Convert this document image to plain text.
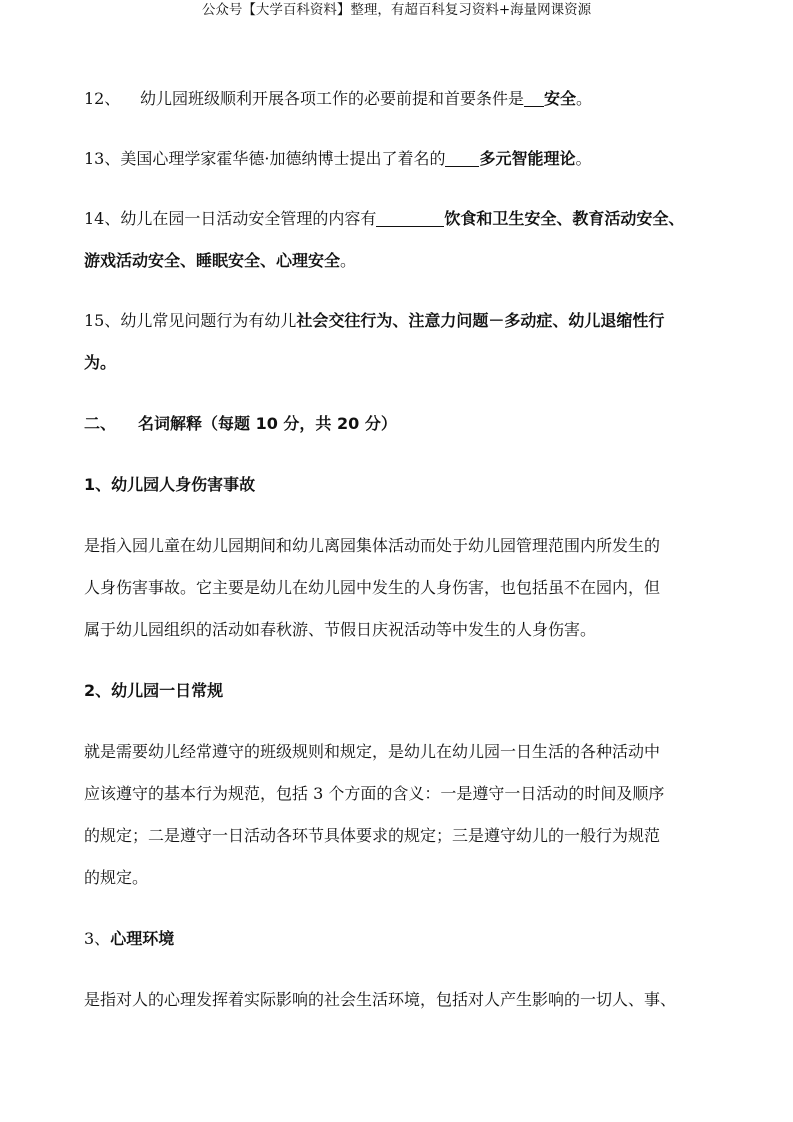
公众号【大学百科资料】整理，有超百科复习资料+海量网课资源

12、 幼儿园班级顺利开展各项工作的必要前提和首要条件是 安全。

13、美国心理学家霍华德·加德纳博士提出了着名的 多元智能理论。

14、幼儿在园一日活动安全管理的内容有	饮食和卫生安全、教育活动安全、
游戏活动安全、睡眠安全、心理安全。

15、幼儿常见问题行为有幼儿社会交往行为、注意力问题－多动症、幼儿退缩性行
为。

二、 名词解释（每题 10 分，共 20 分）

1、幼儿园人身伤害事故

是指入园儿童在幼儿园期间和幼儿离园集体活动而处于幼儿园管理范围内所发生的

人身伤害事故。它主要是幼儿在幼儿园中发生的人身伤害，也包括虽不在园内，但

属于幼儿园组织的活动如春秋游、节假日庆祝活动等中发生的人身伤害。

2、幼儿园一日常规

就是需要幼儿经常遵守的班级规则和规定，是幼儿在幼儿园一日生活的各种活动中

应该遵守的基本行为规范，包括 3 个方面的含义：一是遵守一日活动的时间及顺序

的规定；二是遵守一日活动各环节具体要求的规定；三是遵守幼儿的一般行为规范

的规定。

3、心理环境

是指对人的心理发挥着实际影响的社会生活环境，包括对人产生影响的一切人、事、
